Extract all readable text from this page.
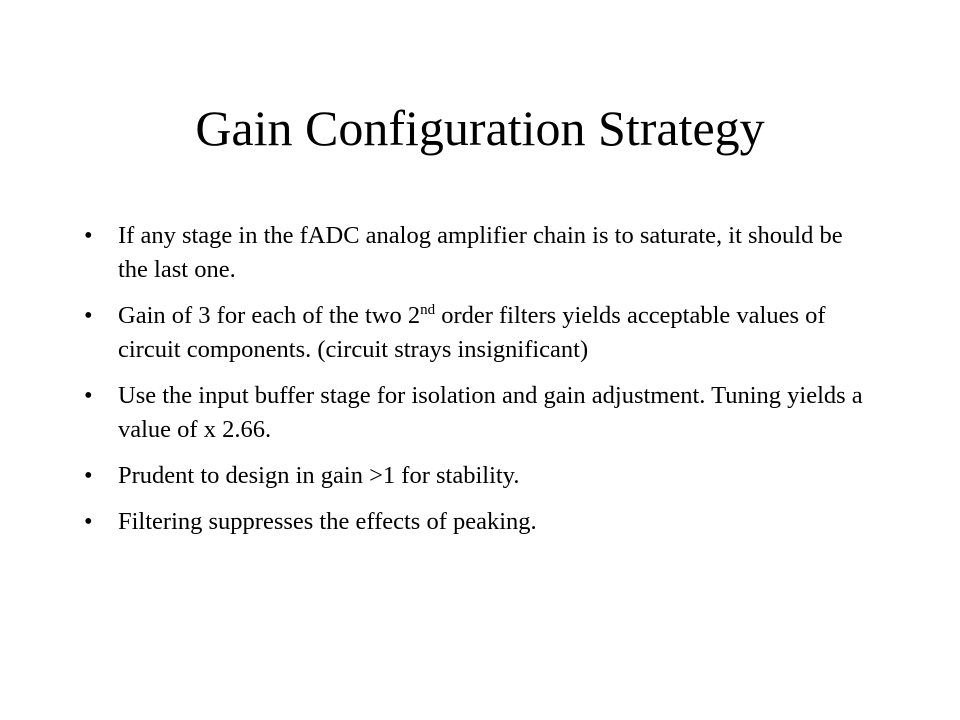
Gain Configuration Strategy
• If any stage in the fADC analog amplifier chain is to saturate, it should be the last one.
• Gain of 3 for each of the two 2nd order filters yields acceptable values of circuit components. (circuit strays insignificant)
• Use the input buffer stage for isolation and gain adjustment. Tuning yields a value of x 2.66.
• Prudent to design in gain >1 for stability.
• Filtering suppresses the effects of peaking.
